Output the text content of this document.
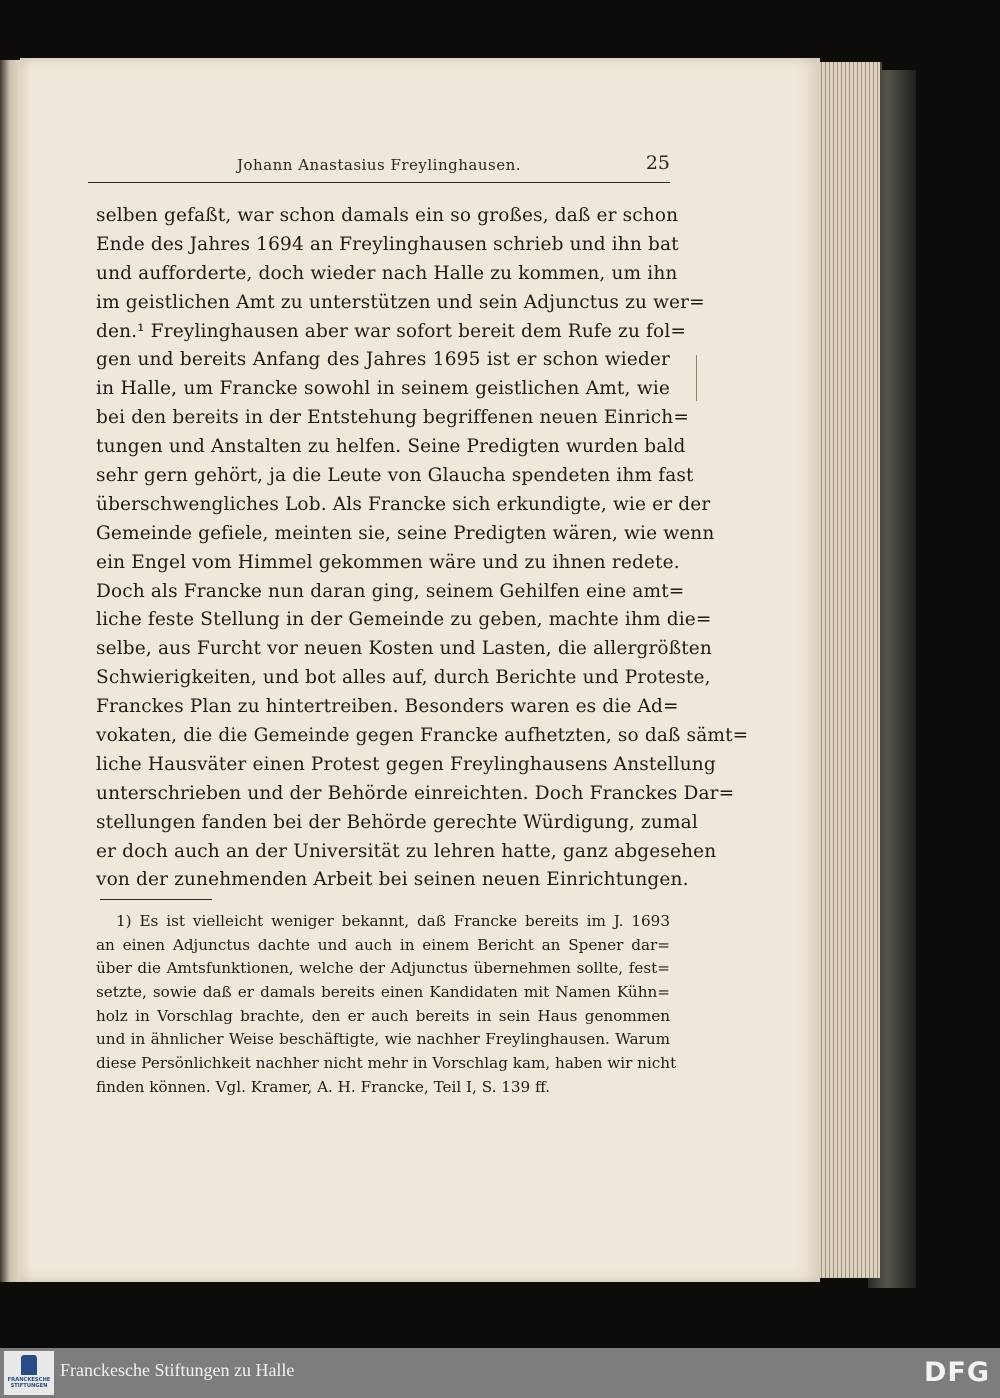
Johann Anastasius Freylinghausen.	25
selben gefaßt, war schon damals ein so großes, daß er schon
Ende des Jahres 1694 an Freylinghausen schrieb und ihn bat
und aufforderte, doch wieder nach Halle zu kommen, um ihn
im geistlichen Amt zu unterstützen und sein Adjunctus zu wer=
den.¹ Freylinghausen aber war sofort bereit dem Rufe zu fol=
gen und bereits Anfang des Jahres 1695 ist er schon wieder
in Halle, um Francke sowohl in seinem geistlichen Amt, wie
bei den bereits in der Entstehung begriffenen neuen Einrich=
tungen und Anstalten zu helfen. Seine Predigten wurden bald
sehr gern gehört, ja die Leute von Glaucha spendeten ihm fast
überschwengliches Lob. Als Francke sich erkundigte, wie er der
Gemeinde gefiele, meinten sie, seine Predigten wären, wie wenn
ein Engel vom Himmel gekommen wäre und zu ihnen redete.
Doch als Francke nun daran ging, seinem Gehilfen eine amt=
liche feste Stellung in der Gemeinde zu geben, machte ihm die=
selbe, aus Furcht vor neuen Kosten und Lasten, die allergrößten
Schwierigkeiten, und bot alles auf, durch Berichte und Proteste,
Franckes Plan zu hintertreiben. Besonders waren es die Ad=
vokaten, die die Gemeinde gegen Francke aufhetzten, so daß sämt=
liche Hausväter einen Protest gegen Freylinghausens Anstellung
unterschrieben und der Behörde einreichten. Doch Franckes Dar=
stellungen fanden bei der Behörde gerechte Würdigung, zumal
er doch auch an der Universität zu lehren hatte, ganz abgesehen
von der zunehmenden Arbeit bei seinen neuen Einrichtungen.
1) Es ist vielleicht weniger bekannt, daß Francke bereits im J. 1693
an einen Adjunctus dachte und auch in einem Bericht an Spener dar=
über die Amtsfunktionen, welche der Adjunctus übernehmen sollte, fest=
setzte, sowie daß er damals bereits einen Kandidaten mit Namen Kühn=
holz in Vorschlag brachte, den er auch bereits in sein Haus genommen
und in ähnlicher Weise beschäftigte, wie nachher Freylinghausen. Warum
diese Persönlichkeit nachher nicht mehr in Vorschlag kam, haben wir nicht
finden können. Vgl. Kramer, A. H. Francke, Teil I, S. 139 ff.
FRANCKESCHE
STIFTUNGEN
Franckesche Stiftungen zu Halle	DFG
